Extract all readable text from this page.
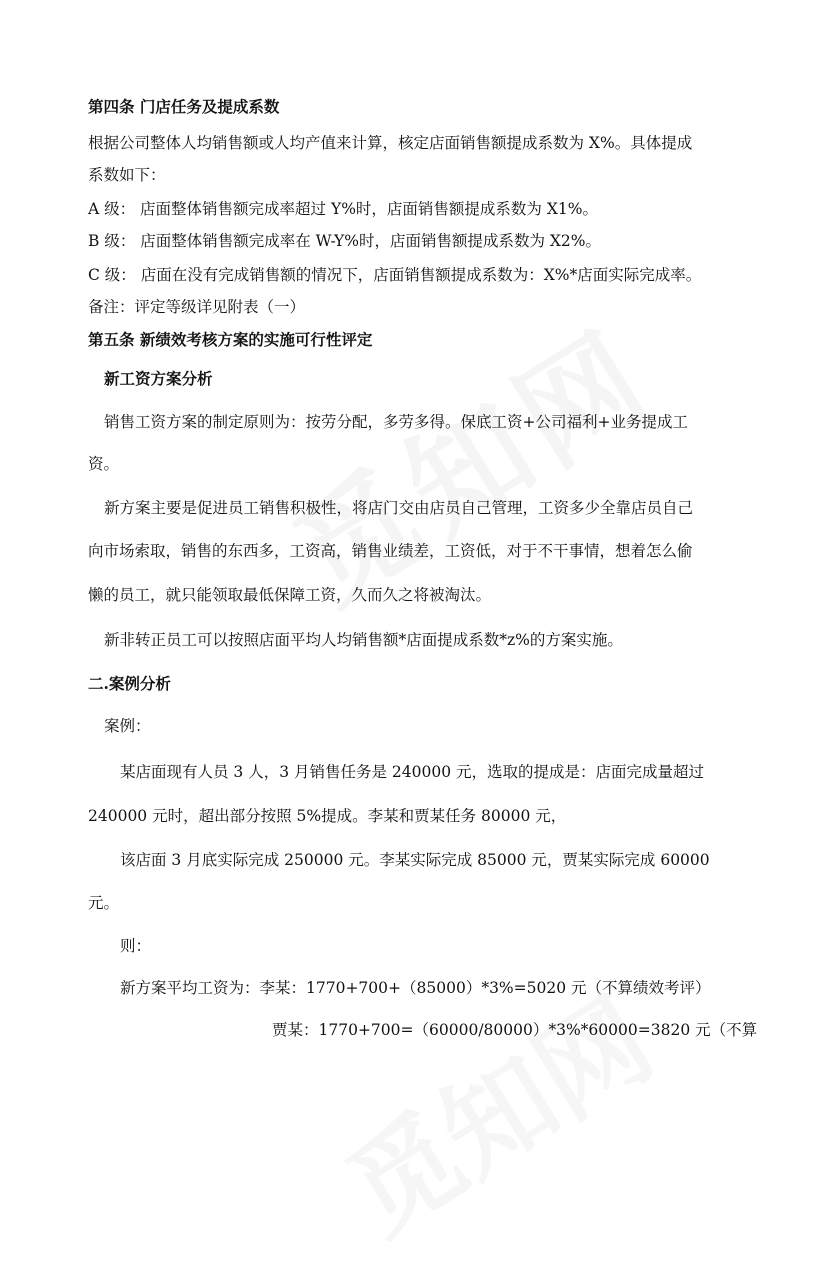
第四条 门店任务及提成系数
根据公司整体人均销售额或人均产值来计算，核定店面销售额提成系数为 X%。具体提成
系数如下：
A 级： 店面整体销售额完成率超过 Y%时，店面销售额提成系数为 X1%。
B 级： 店面整体销售额完成率在 W-Y%时，店面销售额提成系数为 X2%。
C 级： 店面在没有完成销售额的情况下，店面销售额提成系数为：X%*店面实际完成率。
备注：评定等级详见附表（一）
第五条 新绩效考核方案的实施可行性评定
新工资方案分析
销售工资方案的制定原则为：按劳分配，多劳多得。保底工资+公司福利+业务提成工
资。
新方案主要是促进员工销售积极性，将店门交由店员自己管理，工资多少全靠店员自己
向市场索取，销售的东西多，工资高，销售业绩差，工资低，对于不干事情，想着怎么偷
懒的员工，就只能领取最低保障工资，久而久之将被淘汰。
新非转正员工可以按照店面平均人均销售额*店面提成系数*z%的方案实施。
二.案例分析
案例：
某店面现有人员 3 人，3 月销售任务是 240000 元，选取的提成是：店面完成量超过
240000 元时，超出部分按照 5%提成。李某和贾某任务 80000 元，
该店面 3 月底实际完成 250000 元。李某实际完成 85000 元，贾某实际完成 60000
元。
则：
新方案平均工资为：李某：1770+700+（85000）*3%=5020 元（不算绩效考评）
贾某：1770+700=（60000/80000）*3%*60000=3820 元（不算
